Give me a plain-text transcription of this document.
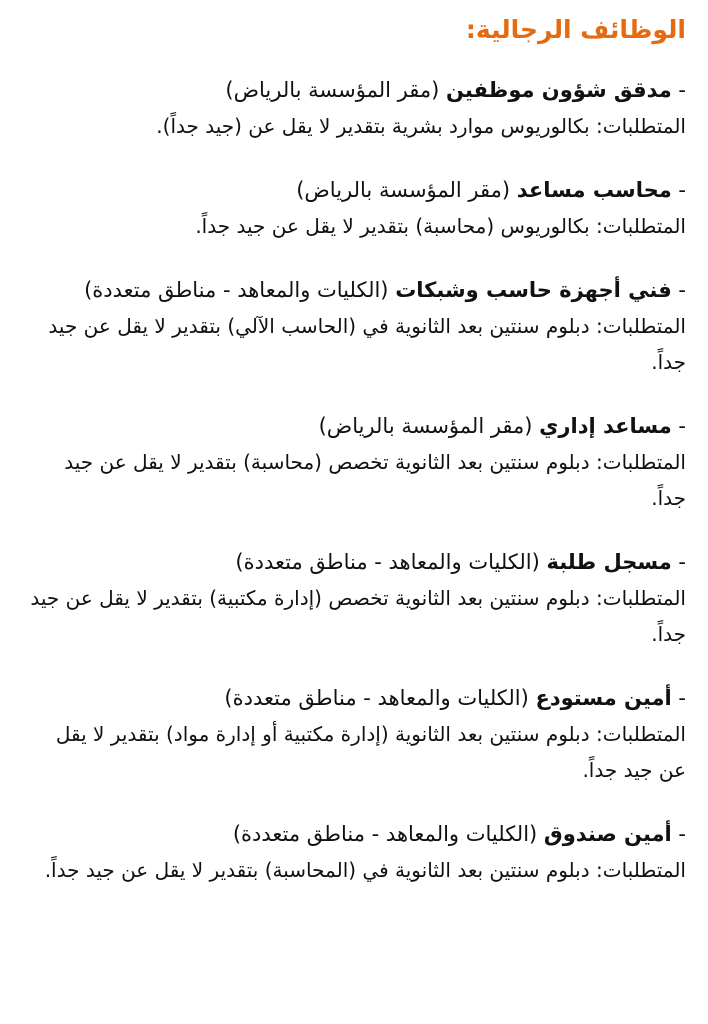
الوظائف الرجالية:
- مدقق شؤون موظفين (مقر المؤسسة بالرياض)
المتطلبات: بكالوريوس موارد بشرية بتقدير لا يقل عن (جيد جداً).
- محاسب مساعد (مقر المؤسسة بالرياض)
المتطلبات: بكالوريوس (محاسبة) بتقدير لا يقل عن جيد جداً.
- فني أجهزة حاسب وشبكات (الكليات والمعاهد - مناطق متعددة)
المتطلبات: دبلوم سنتين بعد الثانوية في (الحاسب الآلي) بتقدير لا يقل عن جيد جداً.
- مساعد إداري (مقر المؤسسة بالرياض)
المتطلبات: دبلوم سنتين بعد الثانوية تخصص (محاسبة) بتقدير لا يقل عن جيد جداً.
- مسجل طلبة (الكليات والمعاهد - مناطق متعددة)
المتطلبات: دبلوم سنتين بعد الثانوية تخصص (إدارة مكتبية) بتقدير لا يقل عن جيد جداً.
- أمين مستودع (الكليات والمعاهد - مناطق متعددة)
المتطلبات: دبلوم سنتين بعد الثانوية (إدارة مكتبية أو إدارة مواد) بتقدير لا يقل عن جيد جداً.
- أمين صندوق (الكليات والمعاهد - مناطق متعددة)
المتطلبات: دبلوم سنتين بعد الثانوية في (المحاسبة) بتقدير لا يقل عن جيد جداً.
